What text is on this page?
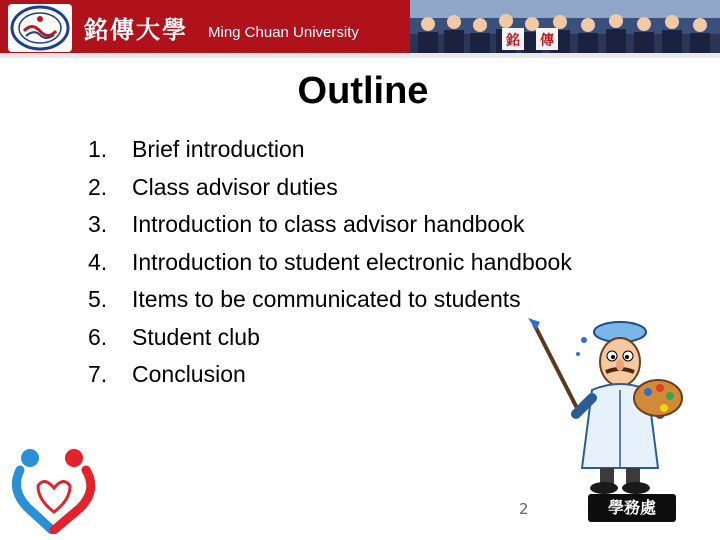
銘傳大學 Ming Chuan University	銘 傳
Outline
1. Brief introduction
2. Class advisor duties
3. Introduction to class advisor handbook
4. Introduction to student electronic handbook
5. Items to be communicated to students
6. Student club
7. Conclusion
2	學務處
